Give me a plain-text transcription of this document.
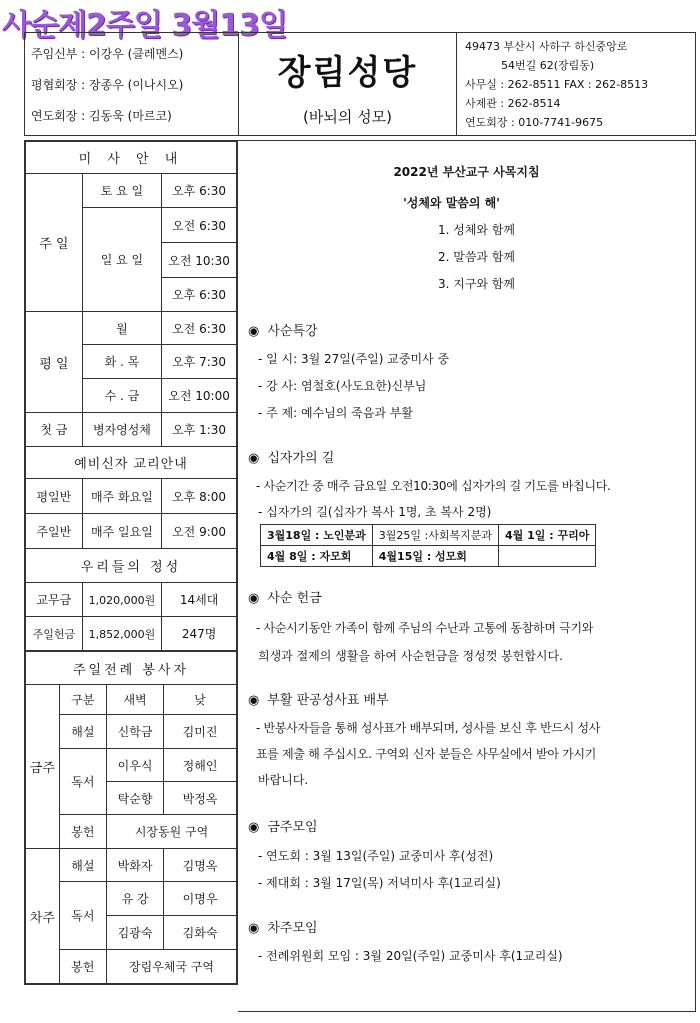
사순제2주일 3월13일
주임신부 : 이강우 (클레멘스)
평협회장 : 장종우 (이나시오)
연도회장 : 김동욱 (마르코)
장림성당
(바뇌의 성모)
49473 부산시 사하구 하신중앙로
54번길 62(장림동)
사무실 : 262-8511 FAX : 262-8513
사제관 : 262-8514
연도회장 : 010-7741-9675
미 사 안 내		
주 일	토 요 일	오후 6:30
	일 요 일	오전 6:30
		오전 10:30
		오후 6:30
평 일	월	오전 6:30
	화 . 목	오후 7:30
	수 . 금	오전 10:00
첫 금	병자영성체	오후 1:30
예비신자 교리안내		
평일반	매주 화요일	오후 8:00
주일반	매주 일요일	오전 9:00
우리들의 정성		
교무금	1,020,000원	14세대
주일헌금	1,852,000원	247명
주일전례 봉사자			
금주	구분	새벽	낮
	해설	신학금	김미진
	독서	이우식	정해인
		탁순향	박정옥
	봉헌	시장동원 구역	

차주	해설	박화자	김명옥
	독서	유 강	이명우
		김광숙	김화숙
	봉헌	장림우체국 구역	
2022년 부산교구 사목지침
'성체와 말씀의 해'
1. 성체와 함께
2. 말씀과 함께
3. 지구와 함께
◉ 사순특강
- 일 시: 3월 27일(주일) 교중미사 중
- 강 사: 염철호(사도요한)신부님
- 주 제: 예수님의 죽음과 부활
◉ 십자가의 길
- 사순기간 중 매주 금요일 오전10:30에 십자가의 길 기도를 바칩니다.
- 십자가의 길(십자가 복사 1명, 초 복사 2명)
3월18일 : 노인분과	3월25일 :사회복지분과	4월 1일 : 꾸리아
4월 8일 : 자모회	4월15일 : 성모회	
◉ 사순 헌금
- 사순시기동안 가족이 함께 주님의 수난과 고통에 동참하며 극기와
희생과 절제의 생활을 하여 사순헌금을 정성껏 봉헌합시다.
◉ 부활 판공성사표 배부
- 반봉사자들을 통해 성사표가 배부되며, 성사를 보신 후 반드시 성사
표를 제출 해 주십시오. 구역외 신자 분들은 사무실에서 받아 가시기
바랍니다.
◉ 금주모임
- 연도회 : 3월 13일(주일) 교중미사 후(성전)
- 제대회 : 3월 17일(목) 저녁미사 후(1교리실)
◉ 차주모임
- 전례위원회 모임 : 3월 20일(주일) 교중미사 후(1교리실)
